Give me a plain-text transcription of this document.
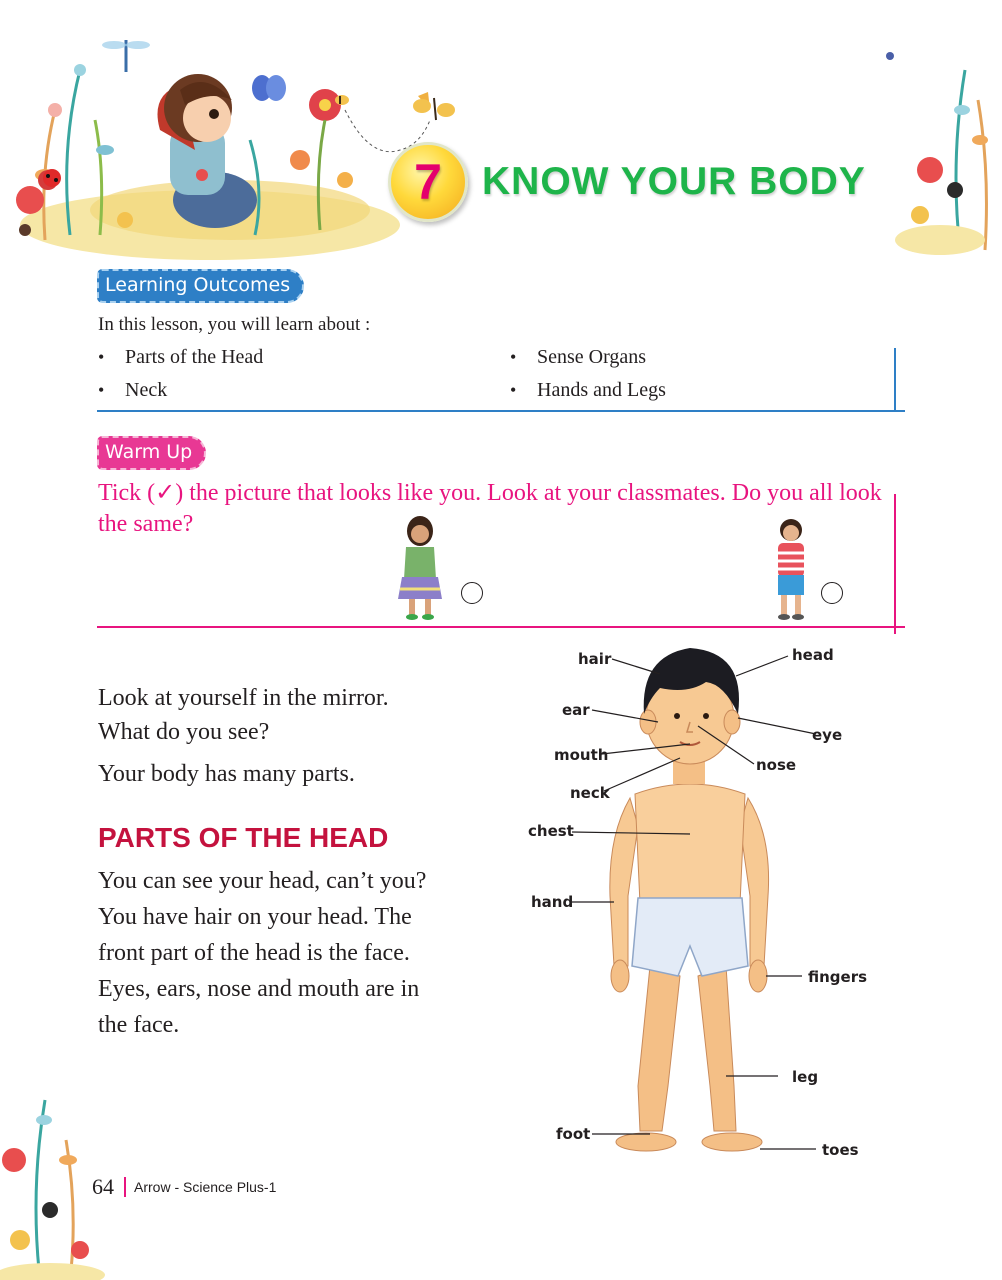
7 KNOW YOUR BODY
Learning Outcomes
In this lesson, you will learn about :
•	Parts of the Head	•	Sense Organs
•	Neck	•	Hands and Legs
Warm Up
Tick (✓) the picture that looks like you. Look at your classmates. Do you all look the same?
Look at yourself in the mirror.
What do you see?
Your body has many parts.
PARTS OF THE HEAD
You can see your head, can’t you?
You have hair on your head. The
front part of the head is the face.
Eyes, ears, nose and mouth are in
the face.
hair	head
ear
eye
mouth
nose
neck
chest
hand
fingers
leg
foot
toes
64 Arrow - Science Plus-1
